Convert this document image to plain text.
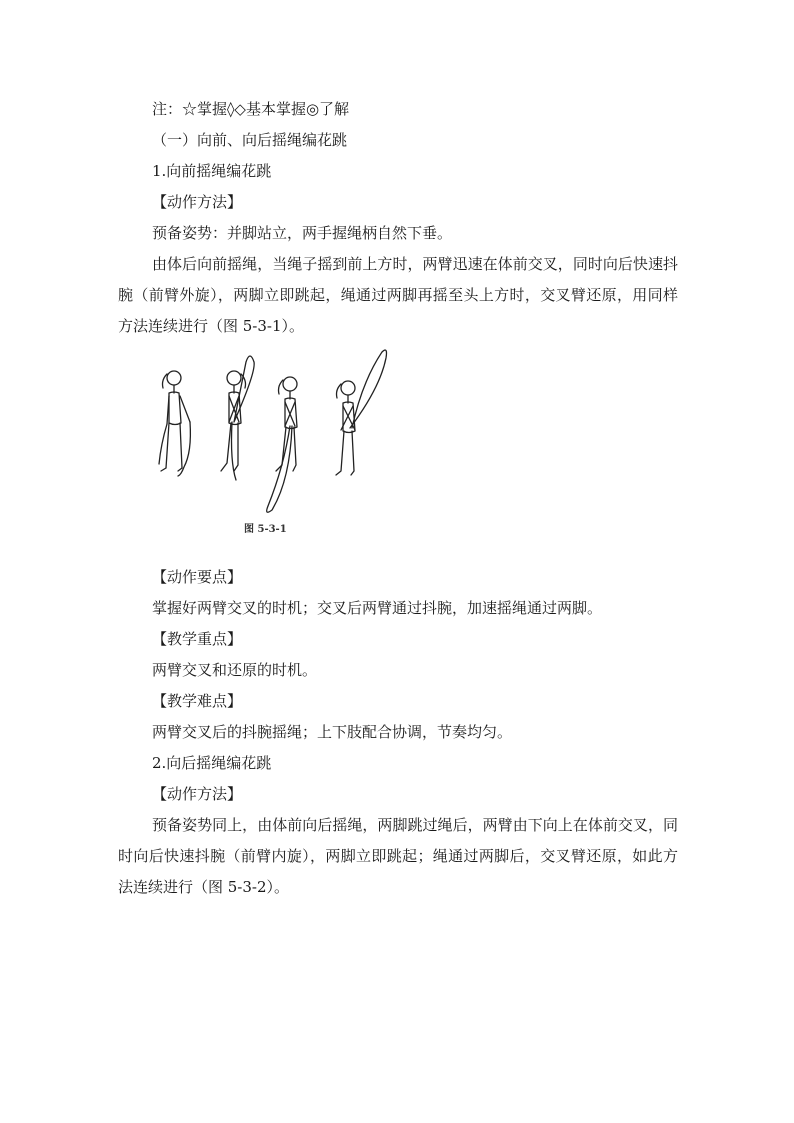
注：☆掌握◊◇基本掌握◎了解

（一）向前、向后摇绳编花跳

1.向前摇绳编花跳

【动作方法】

预备姿势：并脚站立，两手握绳柄自然下垂。

由体后向前摇绳，当绳子摇到前上方时，两臂迅速在体前交叉，同时向后快速抖腕（前臂外旋），两脚立即跳起，绳通过两脚再摇至头上方时，交叉臂还原，用同样方法连续进行（图 5-3-1）。

图 5-3-1

【动作要点】

掌握好两臂交叉的时机；交叉后两臂通过抖腕，加速摇绳通过两脚。

【教学重点】

两臂交叉和还原的时机。

【教学难点】

两臂交叉后的抖腕摇绳；上下肢配合协调，节奏均匀。

2.向后摇绳编花跳

【动作方法】

预备姿势同上，由体前向后摇绳，两脚跳过绳后，两臂由下向上在体前交叉，同时向后快速抖腕（前臂内旋），两脚立即跳起；绳通过两脚后，交叉臂还原，如此方法连续进行（图 5-3-2）。
